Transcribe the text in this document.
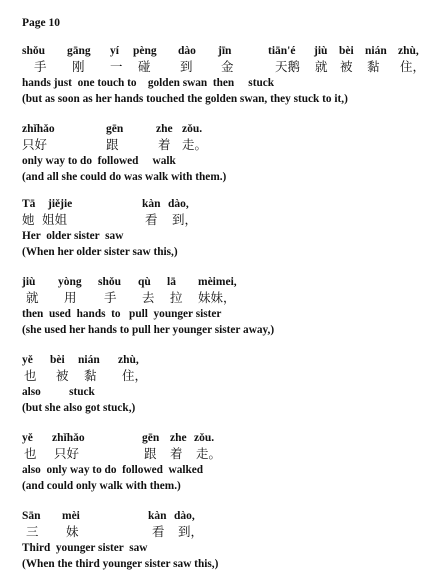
Page 10
shǒu gāng yí pèng dào jīn	tiān'é jiù bèi nián zhù,
手 刚 一 碰 到 金	天鹅 就 被 黏 住，
hands just  one touch to    golden swan  then     stuck
(but as soon as her hands touched the golden swan, they stuck to it,)
zhǐhǎo	gēn	zhe zǒu.
只好	跟	着 走。
only way to do  followed     walk
(and all she could do was walk with them.)
Tā jiějie	kàn dào,
她 姐姐	看 到，
Her  older sister  saw
(When her older sister saw this,)
jiù yòng shǒu qù lā mèimei,
就 用 手 去 拉 妹妹，
then  used  hands  to   pull  younger sister
(she used her hands to pull her younger sister away,)
yě bèi nián zhù,
也 被 黏 住，
also          stuck
(but she also got stuck,)
yě zhǐhǎo	gēn zhe zǒu.
也 只好	跟 着 走。
also  only way to do  followed  walked
(and could only walk with them.)
Sān mèi	kàn dào,
三 妹	看 到，
Third  younger sister  saw
(When the third younger sister saw this,)
